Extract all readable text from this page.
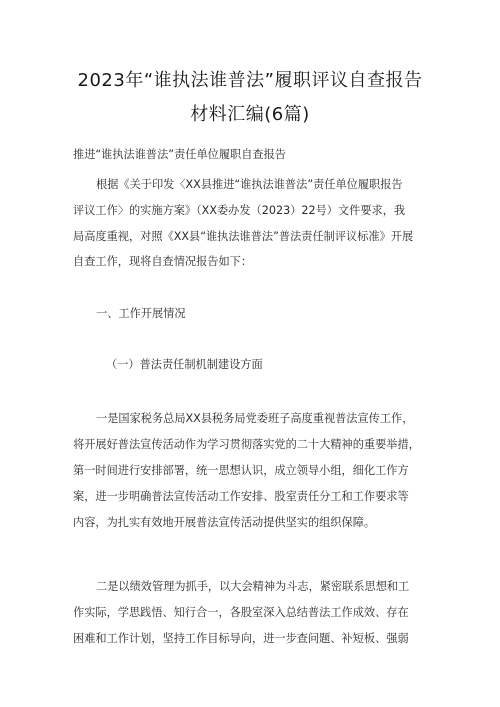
2023年“谁执法谁普法”履职评议自查报告
材料汇编(6篇)
推进“谁执法谁普法”责任单位履职自查报告
根据《关于印发〈XX县推进“谁执法谁普法”责任单位履职报告
评议工作〉的实施方案》（XX委办发（2023）22号）文件要求，我
局高度重视，对照《XX县“谁执法谁普法”普法责任制评议标准》开展
自查工作，现将自查情况报告如下：
一、工作开展情况
（一）普法责任制机制建设方面
一是国家税务总局XX县税务局党委班子高度重视普法宣传工作，
将开展好普法宣传活动作为学习贯彻落实党的二十大精神的重要举措，
第一时间进行安排部署，统一思想认识，成立领导小组，细化工作方
案，进一步明确普法宣传活动工作安排、股室责任分工和工作要求等
内容，为扎实有效地开展普法宣传活动提供坚实的组织保障。
二是以绩效管理为抓手，以大会精神为斗志，紧密联系思想和工
作实际，学思践悟、知行合一，各股室深入总结普法工作成效、存在
困难和工作计划，坚持工作目标导向，进一步查问题、补短板、强弱
